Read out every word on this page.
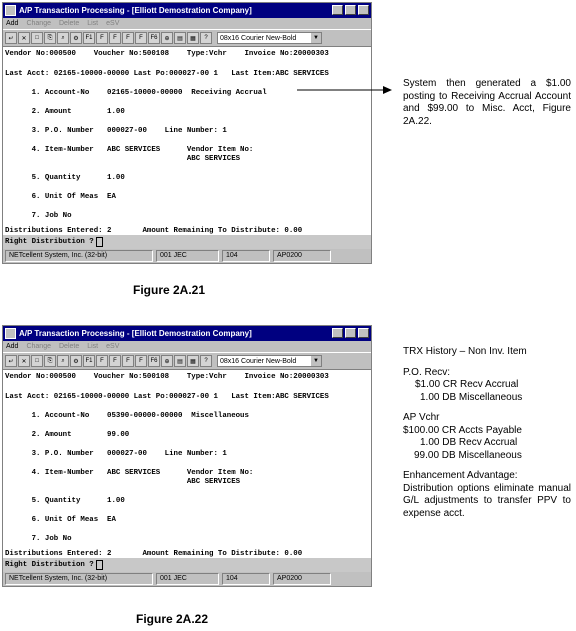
A/P Transaction Processing - [Elliott Demostration Company]
Add Change Delete List eSV
↵	✕	□	⎘	⌕	⚙	F1	F	F	F	F	F6	⊕	▤	▦	?	08x16 Courier New-Bold	▼
Vendor No:000500    Voucher No:500108    Type:Vchr    Invoice No:20000303
Last Acct: 02165-10000-00000 Last Po:000027-00 1   Last Item:ABC SERVICES
1. Account-No    02165-10000-00000  Receiving Accrual
2. Amount        1.00
3. P.O. Number   000027-00    Line Number: 1
4. Item-Number   ABC SERVICES      Vendor Item No:
ABC SERVICES
5. Quantity      1.00
6. Unit Of Meas  EA
7. Job No
Distributions Entered: 2       Amount Remaining To Distribute: 0.00
Right Distribution ?
NETcellent System, Inc. (32-bit)	001 JEC	104	AP0200
Figure 2A.21
System then generated a $1.00 posting to Receiving Accrual Account and $99.00 to Misc. Acct, Figure 2A.22.
A/P Transaction Processing - [Elliott Demostration Company]
Add Change Delete List eSV
↵	✕	□	⎘	⌕	⚙	F1	F	F	F	F	F6	⊕	▤	▦	?	08x16 Courier New-Bold	▼
Vendor No:000500    Voucher No:500108    Type:Vchr    Invoice No:20000303
Last Acct: 02165-10000-00000 Last Po:000027-00 1   Last Item:ABC SERVICES
1. Account-No    05390-00000-00000  Miscellaneous
2. Amount        99.00
3. P.O. Number   000027-00    Line Number: 1
4. Item-Number   ABC SERVICES      Vendor Item No:
ABC SERVICES
5. Quantity      1.00
6. Unit Of Meas  EA
7. Job No
Distributions Entered: 2       Amount Remaining To Distribute: 0.00
Right Distribution ?
NETcellent System, Inc. (32-bit)	001 JEC	104	AP0200
Figure 2A.22

TRX History – Non Inv. Item

P.O. Recv:

$1.00 CR Recv Accrual

1.00 DB Miscellaneous

AP Vchr

$100.00 CR Accts Payable

1.00 DB Recv Accrual

99.00 DB Miscellaneous

Enhancement Advantage:

Distribution options eliminate manual G/L adjustments to transfer PPV to expense acct.
